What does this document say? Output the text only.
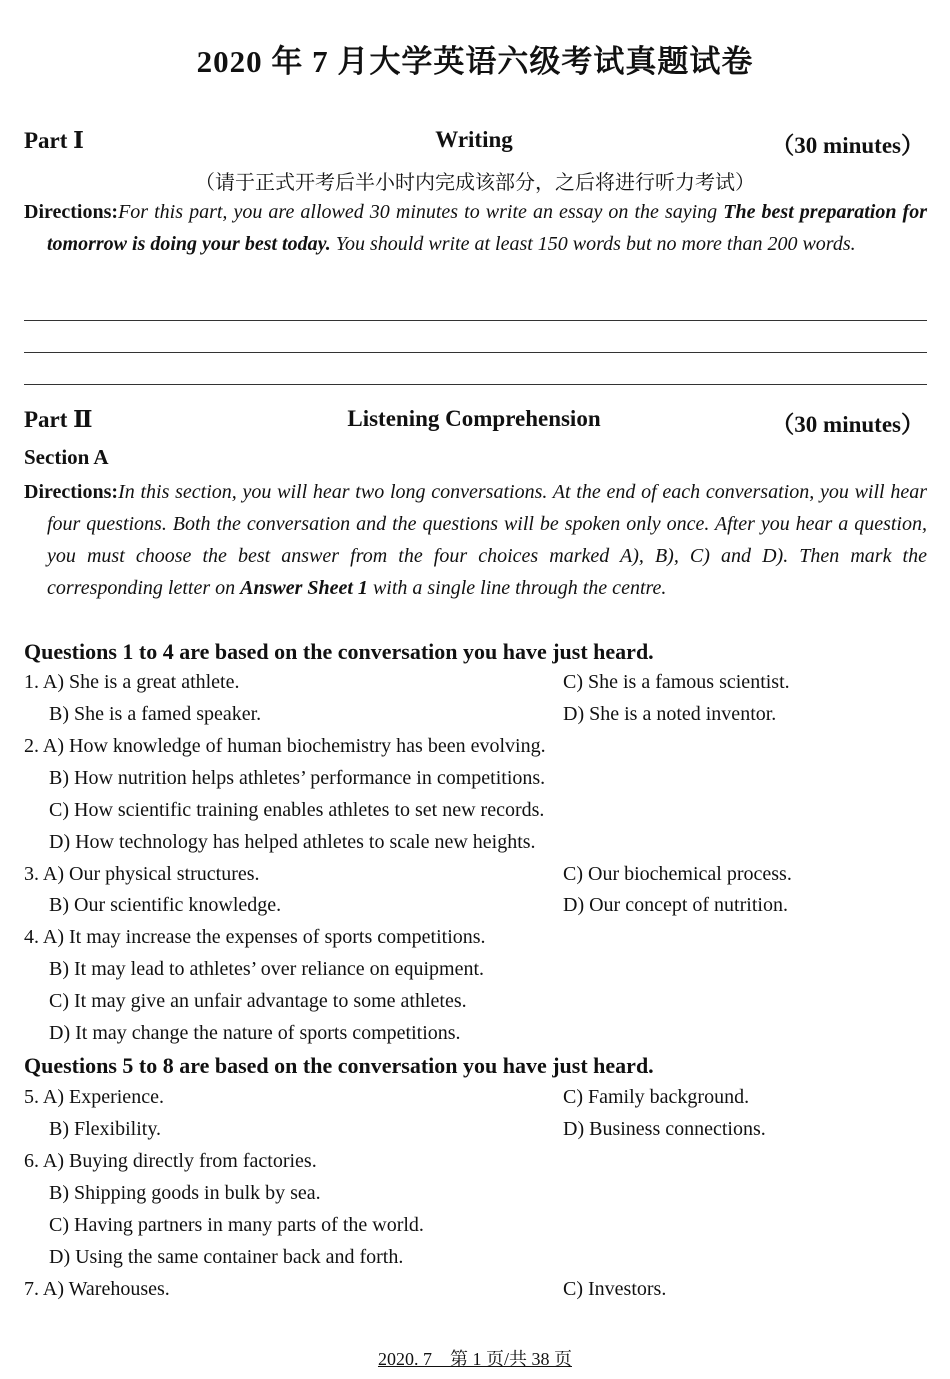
2020 年 7 月大学英语六级考试真题试卷
Part Ⅰ	Writing	（30 minutes）
（请于正式开考后半小时内完成该部分，之后将进行听力考试）
Directions:For this part, you are allowed 30 minutes to write an essay on the saying The best preparation for tomorrow is doing your best today. You should write at least 150 words but no more than 200 words.
Part Ⅱ	Listening Comprehension	（30 minutes）
Section A
Directions:In this section, you will hear two long conversations. At the end of each conversation, you will hear four questions. Both the conversation and the questions will be spoken only once. After you hear a question, you must choose the best answer from the four choices marked A), B), C) and D). Then mark the corresponding letter on Answer Sheet 1 with a single line through the centre.
Questions 1 to 4 are based on the conversation you have just heard.
1. A) She is a great athlete.	C) She is a famous scientist.
B) She is a famed speaker.	D) She is a noted inventor.
2. A) How knowledge of human biochemistry has been evolving.
B) How nutrition helps athletes’ performance in competitions.
C) How scientific training enables athletes to set new records.
D) How technology has helped athletes to scale new heights.
3. A) Our physical structures.	C) Our biochemical process.
B) Our scientific knowledge.	D) Our concept of nutrition.
4. A) It may increase the expenses of sports competitions.
B) It may lead to athletes’ over reliance on equipment.
C) It may give an unfair advantage to some athletes.
D) It may change the nature of sports competitions.
Questions 5 to 8 are based on the conversation you have just heard.
5. A) Experience.	C) Family background.
B) Flexibility.	D) Business connections.
6. A) Buying directly from factories.
B) Shipping goods in bulk by sea.
C) Having partners in many parts of the world.
D) Using the same container back and forth.
7. A) Warehouses.	C) Investors.
2020. 7　第 1 页/共 38 页
